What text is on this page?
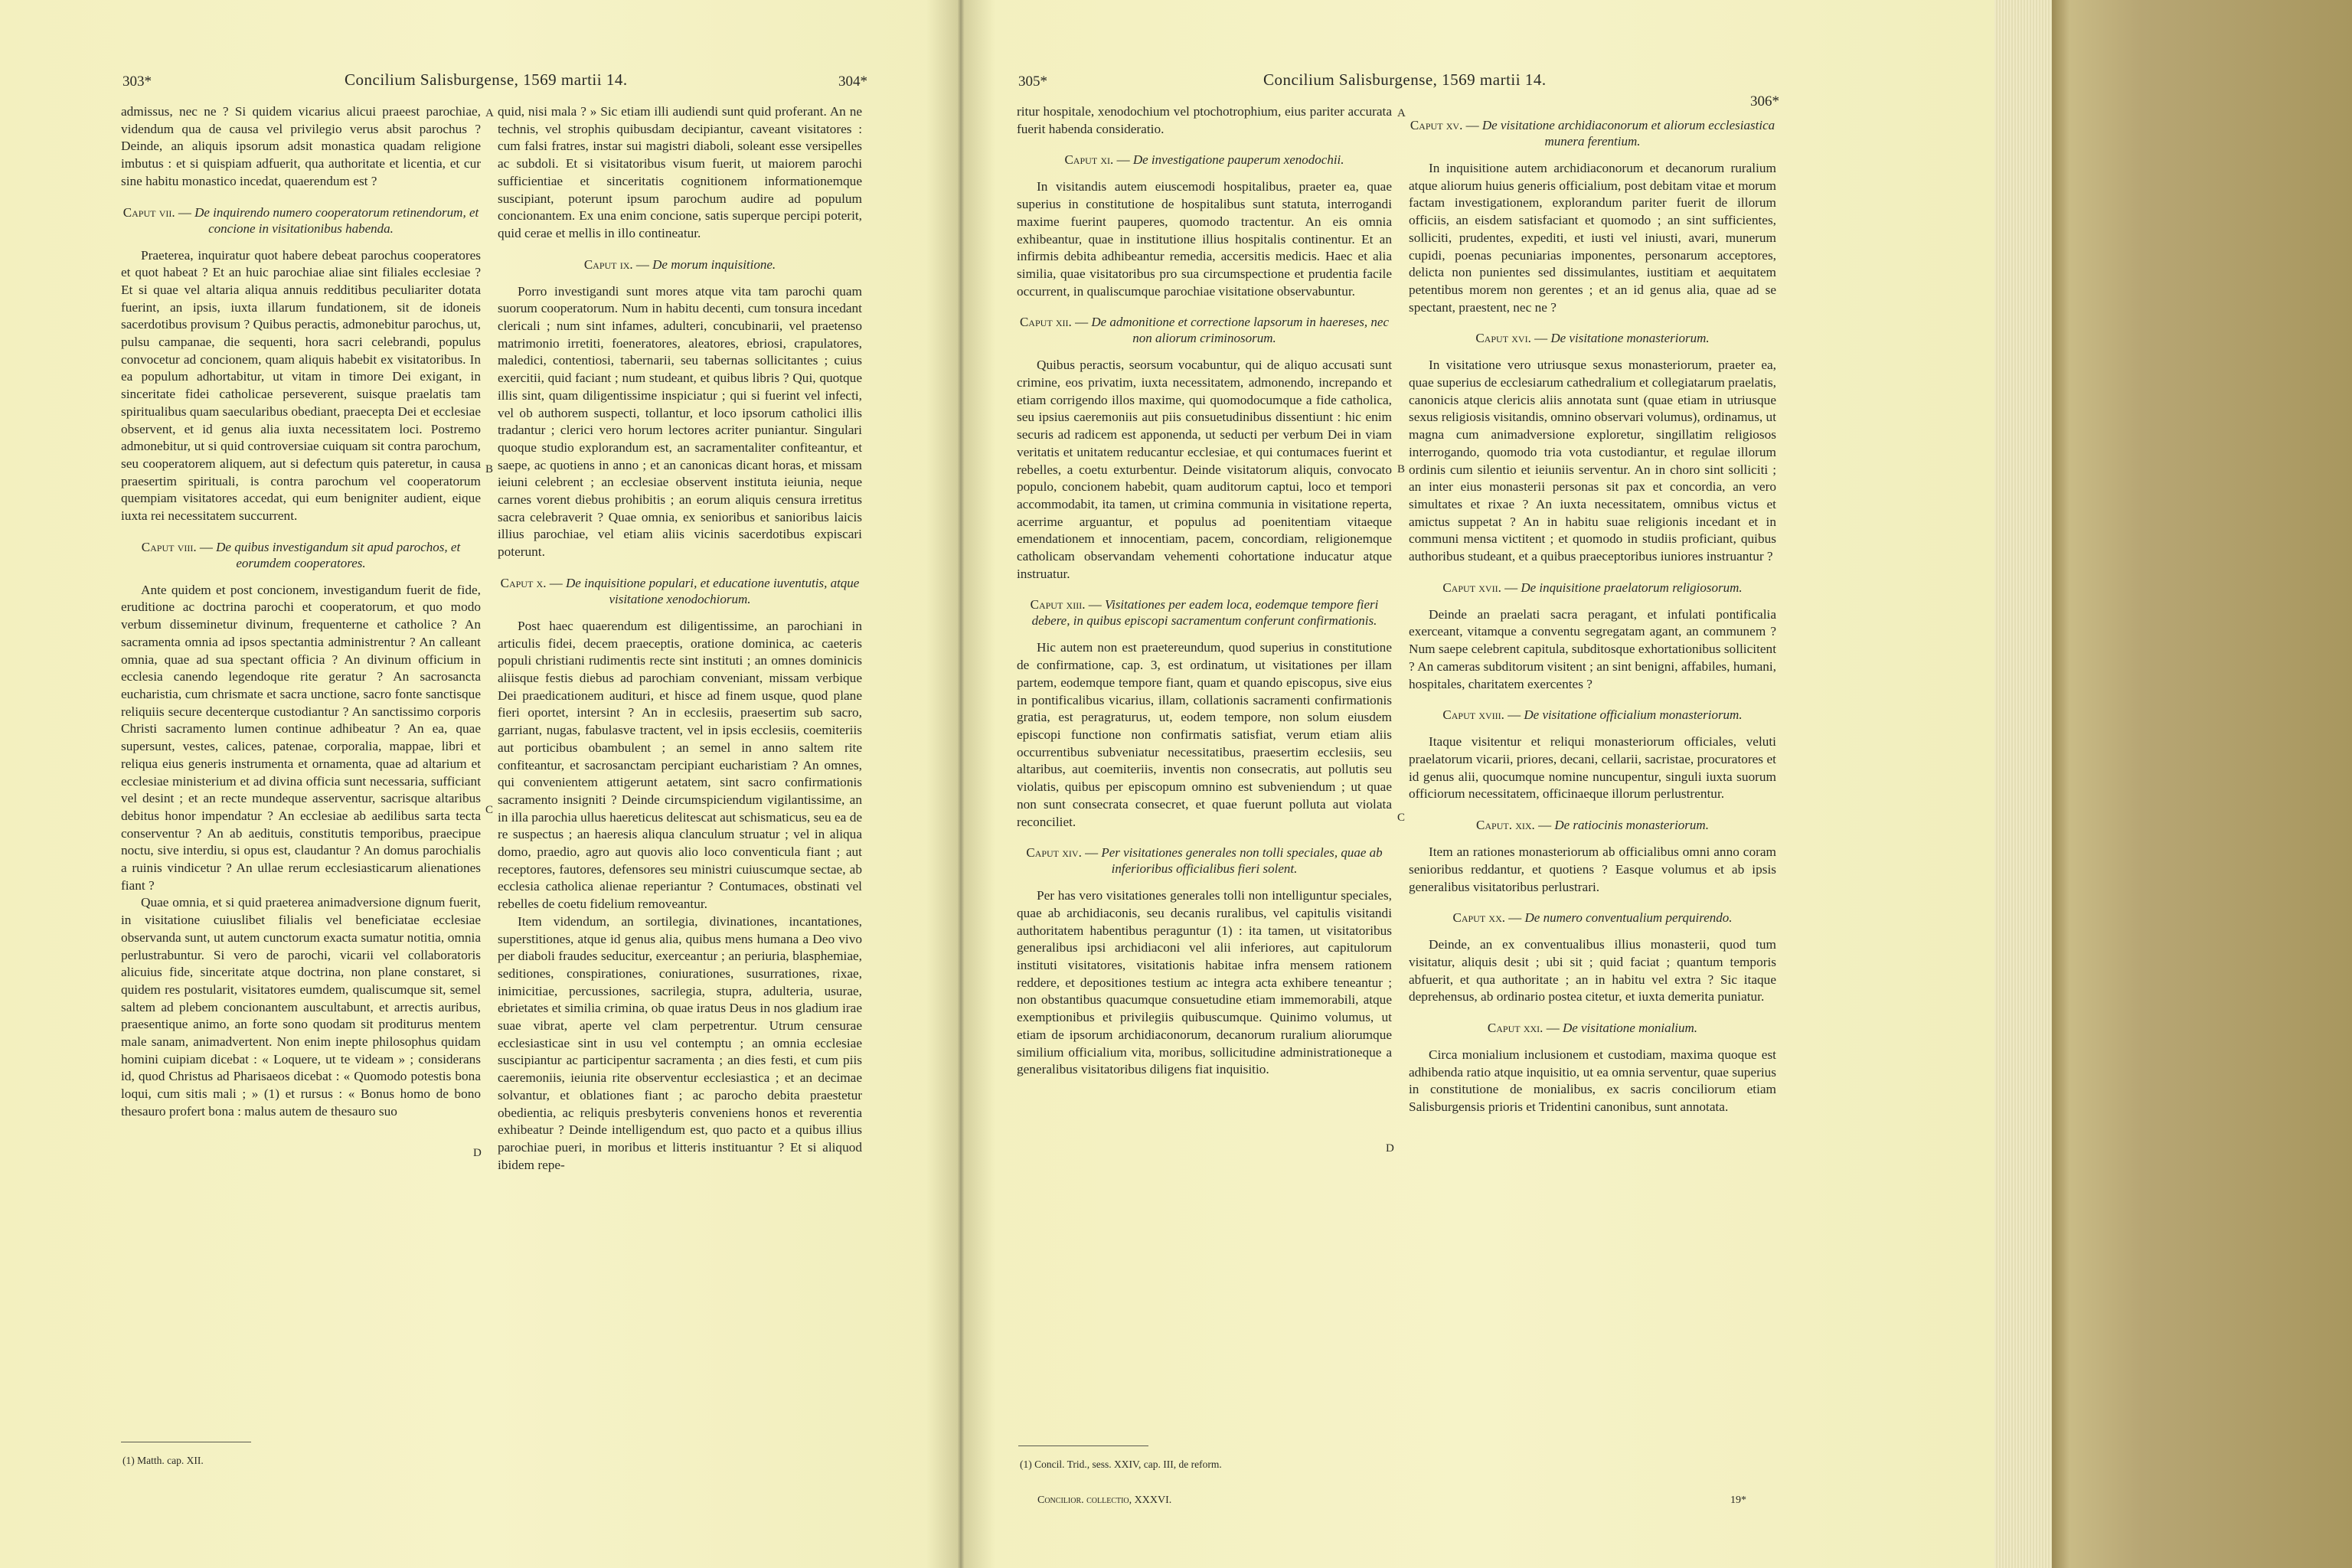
303*	Concilium Salisburgense, 1569 martii 14.	304*

admissus, nec ne ? Si quidem vicarius alicui praeest parochiae, videndum qua de causa vel privilegio verus absit parochus ? Deinde, an aliquis ipsorum adsit monastica quadam religione imbutus : et si quispiam adfuerit, qua authoritate et licentia, et cur sine habitu monastico incedat, quaerendum est ?

Caput vii. — De inquirendo numero cooperatorum retinendorum, et concione in visitationibus habenda.

Praeterea, inquiratur quot habere debeat parochus cooperatores et quot habeat ? Et an huic parochiae aliae sint filiales ecclesiae ? Et si quae vel altaria aliqua annuis redditibus peculiariter dotata fuerint, an ipsis, iuxta illarum fundationem, sit de idoneis sacerdotibus provisum ? Quibus peractis, admonebitur parochus, ut, pulsu campanae, die sequenti, hora sacri celebrandi, populus convocetur ad concionem, quam aliquis habebit ex visitatoribus. In ea populum adhortabitur, ut vitam in timore Dei exigant, in sinceritate fidei catholicae perseverent, suisque praelatis tam spiritualibus quam saecularibus obediant, praecepta Dei et ecclesiae observent, et id genus alia iuxta necessitatem loci. Postremo admonebitur, ut si quid controversiae cuiquam sit contra parochum, seu cooperatorem aliquem, aut si defectum quis pateretur, in causa praesertim spirituali, is contra parochum vel cooperatorum quempiam visitatores accedat, qui eum benigniter audient, eique iuxta rei necessitatem succurrent.

Caput viii. — De quibus investigandum sit apud parochos, et eorumdem cooperatores.

Ante quidem et post concionem, investigandum fuerit de fide, eruditione ac doctrina parochi et cooperatorum, et quo modo verbum disseminetur divinum, frequenterne et catholice ? An sacramenta omnia ad ipsos spectantia administrentur ? An calleant omnia, quae ad sua spectant officia ? An divinum officium in ecclesia canendo legendoque rite geratur ? An sacrosancta eucharistia, cum chrismate et sacra unctione, sacro fonte sanctisque reliquiis secure decenterque custodiantur ? An sanctissimo corporis Christi sacramento lumen continue adhibeatur ? An ea, quae supersunt, vestes, calices, patenae, corporalia, mappae, libri et reliqua eius generis instrumenta et ornamenta, quae ad altarium et ecclesiae ministerium et ad divina officia sunt necessaria, sufficiant vel desint ; et an recte mundeque asserventur, sacrisque altaribus debitus honor impendatur ? An ecclesiae ab aedilibus sarta tecta conserventur ? An ab aedituis, constitutis temporibus, praecipue noctu, sive interdiu, si opus est, claudantur ? An domus parochialis a ruinis vindicetur ? An ullae rerum ecclesiasticarum alienationes fiant ?

Quae omnia, et si quid praeterea animadversione dignum fuerit, in visitatione cuiuslibet filialis vel beneficiatae ecclesiae observanda sunt, ut autem cunctorum exacta sumatur notitia, omnia perlustrabuntur. Si vero de parochi, vicarii vel collaboratoris alicuius fide, sinceritate atque doctrina, non plane constaret, si quidem res postularit, visitatores eumdem, qualiscumque sit, semel saltem ad plebem concionantem auscultabunt, et arrectis auribus, praesentique animo, an forte sono quodam sit proditurus mentem male sanam, animadvertent. Non enim inepte philosophus quidam homini cuipiam dicebat : « Loquere, ut te videam » ; considerans id, quod Christus ad Pharisaeos dicebat : « Quomodo potestis bona loqui, cum sitis mali ; » (1) et rursus : « Bonus homo de bono thesauro profert bona : malus autem de thesauro suo

quid, nisi mala ? » Sic etiam illi audiendi sunt quid proferant. An ne technis, vel strophis quibusdam decipiantur, caveant visitatores : cum falsi fratres, instar sui magistri diaboli, soleant esse versipelles ac subdoli. Et si visitatoribus visum fuerit, ut maiorem parochi sufficientiae et sinceritatis cognitionem informationemque suscipiant, poterunt ipsum parochum audire ad populum concionantem. Ex una enim concione, satis superque percipi poterit, quid cerae et mellis in illo contineatur.

Caput ix. — De morum inquisitione.

Porro investigandi sunt mores atque vita tam parochi quam suorum cooperatorum. Num in habitu decenti, cum tonsura incedant clericali ; num sint infames, adulteri, concubinarii, vel praetenso matrimonio irretiti, foeneratores, aleatores, ebriosi, crapulatores, maledici, contentiosi, tabernarii, seu tabernas sollicitantes ; cuius exercitii, quid faciant ; num studeant, et quibus libris ? Qui, quotque illis sint, quam diligentissime inspiciatur ; qui si fuerint vel infecti, vel ob authorem suspecti, tollantur, et loco ipsorum catholici illis tradantur ; clerici vero horum lectores acriter puniantur. Singulari quoque studio explorandum est, an sacramentaliter confiteantur, et saepe, ac quotiens in anno ; et an canonicas dicant horas, et missam ieiuni celebrent ; an ecclesiae observent instituta ieiunia, neque carnes vorent diebus prohibitis ; an eorum aliquis censura irretitus sacra celebraverit ? Quae omnia, ex senioribus et sanioribus laicis illius parochiae, vel etiam aliis vicinis sacerdotibus expiscari poterunt.

Caput x. — De inquisitione populari, et educatione iuventutis, atque visitatione xenodochiorum.

Post haec quaerendum est diligentissime, an parochiani in articulis fidei, decem praeceptis, oratione dominica, ac caeteris populi christiani rudimentis recte sint instituti ; an omnes dominicis aliisque festis diebus ad parochiam conveniant, missam verbique Dei praedicationem audituri, et hisce ad finem usque, quod plane fieri oportet, intersint ? An in ecclesiis, praesertim sub sacro, garriant, nugas, fabulasve tractent, vel in ipsis ecclesiis, coemiteriis aut porticibus obambulent ; an semel in anno saltem rite confiteantur, et sacrosanctam percipiant eucharistiam ? An omnes, qui convenientem attigerunt aetatem, sint sacro confirmationis sacramento insigniti ? Deinde circumspiciendum vigilantissime, an in illa parochia ullus haereticus delitescat aut schismaticus, seu ea de re suspectus ; an haeresis aliqua clanculum struatur ; vel in aliqua domo, praedio, agro aut quovis alio loco conventicula fiant ; aut receptores, fautores, defensores seu ministri cuiuscumque sectae, ab ecclesia catholica alienae reperiantur ? Contumaces, obstinati vel rebelles de coetu fidelium removeantur.

Item videndum, an sortilegia, divinationes, incantationes, superstitiones, atque id genus alia, quibus mens humana a Deo vivo per diaboli fraudes seducitur, exerceantur ; an periuria, blasphemiae, seditiones, conspirationes, coniurationes, susurrationes, rixae, inimicitiae, percussiones, sacrilegia, stupra, adulteria, usurae, ebrietates et similia crimina, ob quae iratus Deus in nos gladium irae suae vibrat, aperte vel clam perpetrentur. Utrum censurae ecclesiasticae sint in usu vel contemptu ; an omnia ecclesiae suscipiantur ac participentur sacramenta ; an dies festi, et cum piis caeremoniis, ieiunia rite observentur ecclesiastica ; et an decimae solvantur, et oblationes fiant ; ac parocho debita praestetur obedientia, ac reliquis presbyteris conveniens honos et reverentia exhibeatur ? Deinde intelligendum est, quo pacto et a quibus illius parochiae pueri, in moribus et litteris instituantur ? Et si aliquod ibidem repe-

A
B
C
D
(1) Matth. cap. XII.
305*	Concilium Salisburgense, 1569 martii 14.
306*

ritur hospitale, xenodochium vel ptochotrophium, eius pariter accurata fuerit habenda consideratio.

Caput xi. — De investigatione pauperum xenodochii.

In visitandis autem eiuscemodi hospitalibus, praeter ea, quae superius in constitutione de hospitalibus sunt statuta, interrogandi maxime fuerint pauperes, quomodo tractentur. An eis omnia exhibeantur, quae in institutione illius hospitalis continentur. Et an infirmis debita adhibeantur remedia, accersitis medicis. Haec et alia similia, quae visitatoribus pro sua circumspectione et prudentia facile occurrent, in qualiscumque parochiae visitatione observabuntur.

Caput xii. — De admonitione et correctione lapsorum in haereses, nec non aliorum criminosorum.

Quibus peractis, seorsum vocabuntur, qui de aliquo accusati sunt crimine, eos privatim, iuxta necessitatem, admonendo, increpando et etiam corrigendo illos maxime, qui quomodocumque a fide catholica, seu ipsius caeremoniis aut piis consuetudinibus dissentiunt : hic enim securis ad radicem est apponenda, ut seducti per verbum Dei in viam veritatis et unitatem reducantur ecclesiae, et qui contumaces fuerint et rebelles, a coetu exturbentur. Deinde visitatorum aliquis, convocato populo, concionem habebit, quam auditorum captui, loco et tempori accommodabit, ita tamen, ut crimina communia in visitatione reperta, acerrime arguantur, et populus ad poenitentiam vitaeque emendationem et innocentiam, pacem, concordiam, religionemque catholicam observandam vehementi cohortatione inducatur atque instruatur.

Caput xiii. — Visitationes per eadem loca, eodemque tempore fieri debere, in quibus episcopi sacramentum conferunt confirmationis.

Hic autem non est praetereundum, quod superius in constitutione de confirmatione, cap. 3, est ordinatum, ut visitationes per illam partem, eodemque tempore fiant, quam et quando episcopus, sive eius in pontificalibus vicarius, illam, collationis sacramenti confirmationis gratia, est peragraturus, ut, eodem tempore, non solum eiusdem episcopi functione non confirmatis satisfiat, verum etiam aliis occurrentibus subveniatur necessitatibus, praesertim ecclesiis, seu altaribus, aut coemiteriis, inventis non consecratis, aut pollutis seu violatis, quibus per episcopum omnino est subveniendum ; ut quae non sunt consecrata consecret, et quae fuerunt polluta aut violata reconciliet.

Caput xiv. — Per visitationes generales non tolli speciales, quae ab inferioribus officialibus fieri solent.

Per has vero visitationes generales tolli non intelliguntur speciales, quae ab archidiaconis, seu decanis ruralibus, vel capitulis visitandi authoritatem habentibus peraguntur (1) : ita tamen, ut visitatoribus generalibus ipsi archidiaconi vel alii inferiores, aut capitulorum instituti visitatores, visitationis habitae infra mensem rationem reddere, et depositiones testium ac integra acta exhibere teneantur ; non obstantibus quacumque consuetudine etiam immemorabili, atque exemptionibus et privilegiis quibuscumque. Quinimo volumus, ut etiam de ipsorum archidiaconorum, decanorum ruralium aliorumque similium officialium vita, moribus, sollicitudine administrationeque a generalibus visitatoribus diligens fiat inquisitio.

Caput xv. — De visitatione archidiaconorum et aliorum ecclesiastica munera ferentium.

In inquisitione autem archidiaconorum et decanorum ruralium atque aliorum huius generis officialium, post debitam vitae et morum factam investigationem, explorandum pariter fuerit de illorum officiis, an eisdem satisfaciant et quomodo ; an sint sufficientes, solliciti, prudentes, expediti, et iusti vel iniusti, avari, munerum cupidi, poenas pecuniarias imponentes, personarum acceptores, delicta non punientes sed dissimulantes, iustitiam et aequitatem petentibus morem non gerentes ; et an id genus alia, quae ad se spectant, praestent, nec ne ?

Caput xvi. — De visitatione monasteriorum.

In visitatione vero utriusque sexus monasteriorum, praeter ea, quae superius de ecclesiarum cathedralium et collegiatarum praelatis, canonicis atque clericis aliis annotata sunt (quae etiam in utriusque sexus religiosis visitandis, omnino observari volumus), ordinamus, ut magna cum animadversione exploretur, singillatim religiosos interrogando, quomodo tria vota custodiantur, et regulae illorum ordinis cum silentio et ieiuniis serventur. An in choro sint solliciti ; an inter eius monasterii personas sit pax et concordia, an vero simultates et rixae ? An iuxta necessitatem, omnibus victus et amictus suppetat ? An in habitu suae religionis incedant et in communi mensa victitent ; et quomodo in studiis proficiant, quibus authoribus studeant, et a quibus praeceptoribus iuniores instruantur ?

Caput xvii. — De inquisitione praelatorum religiosorum.

Deinde an praelati sacra peragant, et infulati pontificalia exerceant, vitamque a conventu segregatam agant, an communem ? Num saepe celebrent capitula, subditosque exhortationibus sollicitent ? An cameras subditorum visitent ; an sint benigni, affabiles, humani, hospitales, charitatem exercentes ?

Caput xviii. — De visitatione officialium monasteriorum.

Itaque visitentur et reliqui monasteriorum officiales, veluti praelatorum vicarii, priores, decani, cellarii, sacristae, procuratores et id genus alii, quocumque nomine nuncupentur, singuli iuxta suorum officiorum necessitatem, officinaeque illorum perlustrentur.

Caput. xix. — De ratiocinis monasteriorum.

Item an rationes monasteriorum ab officialibus omni anno coram senioribus reddantur, et quotiens ? Easque volumus et ab ipsis generalibus visitatoribus perlustrari.

Caput xx. — De numero conventualium perquirendo.

Deinde, an ex conventualibus illius monasterii, quod tum visitatur, aliquis desit ; ubi sit ; quid faciat ; quantum temporis abfuerit, et qua authoritate ; an in habitu vel extra ? Sic itaque deprehensus, ab ordinario postea citetur, et iuxta demerita puniatur.

Caput xxi. — De visitatione monialium.

Circa monialium inclusionem et custodiam, maxima quoque est adhibenda ratio atque inquisitio, ut ea omnia serventur, quae superius in constitutione de monialibus, ex sacris conciliorum etiam Salisburgensis prioris et Tridentini canonibus, sunt annotata.

A
B
C
D
(1) Concil. Trid., sess. XXIV, cap. III, de reform.
Concilior. collectio, XXXVI.	19*
